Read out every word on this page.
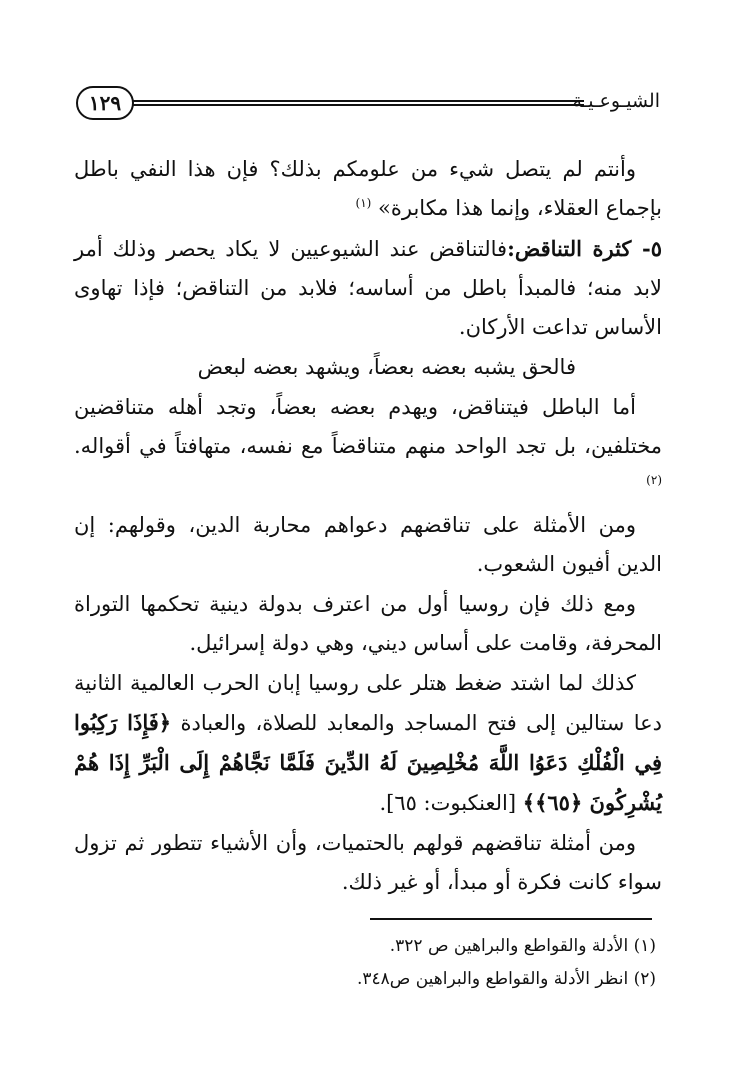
١٢٩	الشيـوعـيـة

وأنتم لم يتصل شيء من علومكم بذلك؟ فإن هذا النفي باطل بإجماع العقلاء، وإنما هذا مكابرة» $^{(١)}$

٥- كثرة التناقض:فالتناقض عند الشيوعيين لا يكاد يحصر وذلك أمر لابد منه؛ فالمبدأ باطل من أساسه؛ فلابد من التناقض؛ فإذا تهاوى الأساس تداعت الأركان.

فالحق يشبه بعضه بعضاً، ويشهد بعضه لبعض

أما الباطل فيتناقض، ويهدم بعضه بعضاً، وتجد أهله متناقضين مختلفين، بل تجد الواحد منهم متناقضاً مع نفسه، متهافتاً في أقواله.$^{(٢)}$

ومن الأمثلة على تناقضهم دعواهم محاربة الدين، وقولهم: إن الدين أفيون الشعوب.

ومع ذلك فإن روسيا أول من اعترف بدولة دينية تحكمها التوراة المحرفة، وقامت على أساس ديني، وهي دولة إسرائيل.

كذلك لما اشتد ضغط هتلر على روسيا إبان الحرب العالمية الثانية دعا ستالين إلى فتح المساجد والمعابد للصلاة، والعبادة ﴿فَإِذَا رَكِبُوا فِي الْفُلْكِ دَعَوُا اللَّهَ مُخْلِصِينَ لَهُ الدِّينَ فَلَمَّا نَجَّاهُمْ إِلَى الْبَرِّ إِذَا هُمْ يُشْرِكُونَ ﴿٦٥﴾﴾ [العنكبوت: ٦٥].

ومن أمثلة تناقضهم قولهم بالحتميات، وأن الأشياء تتطور ثم تزول سواء كانت فكرة أو مبدأ، أو غير ذلك.

(١) الأدلة والقواطع والبراهين ص ٣٢٢.

(٢) انظر الأدلة والقواطع والبراهين ص٣٤٨.
